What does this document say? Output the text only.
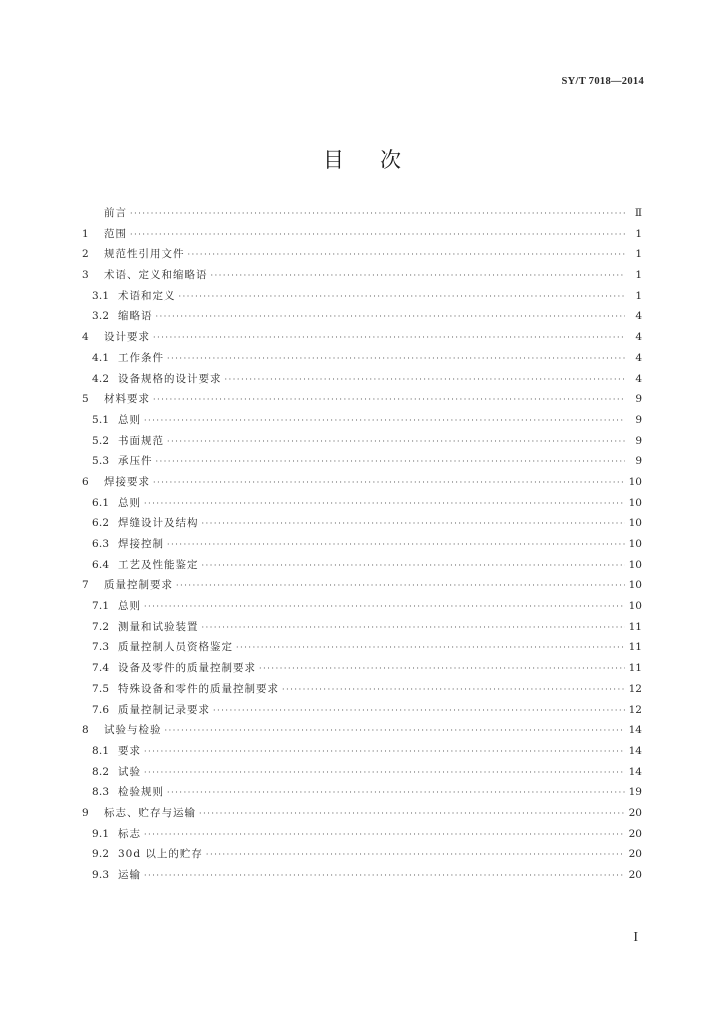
SY/T 7018—2014
目 次
前言 ·····	Ⅱ
1	范围 ·····	1
2	规范性引用文件 ·····	1
3	术语、定义和缩略语 ·····	1
3.1 术语和定义 ·····	1
3.2 缩略语 ·····	4
4	设计要求 ·····	4
4.1 工作条件 ·····	4
4.2 设备规格的设计要求 ·····	4
5	材料要求 ·····	9
5.1 总则 ·····	9
5.2 书面规范 ·····	9
5.3 承压件 ·····	9
6	焊接要求 ·····	10
6.1 总则 ·····	10
6.2 焊缝设计及结构 ·····	10
6.3 焊接控制 ·····	10
6.4 工艺及性能鉴定 ·····	10
7	质量控制要求 ·····	10
7.1 总则 ·····	10
7.2 测量和试验装置 ·····	11
7.3 质量控制人员资格鉴定 ·····	11
7.4 设备及零件的质量控制要求 ·····	11
7.5 特殊设备和零件的质量控制要求 ·····	12
7.6 质量控制记录要求 ·····	12
8	试验与检验 ·····	14
8.1 要求 ·····	14
8.2 试验 ·····	14
8.3 检验规则 ·····	19
9	标志、贮存与运输 ·····	20
9.1 标志 ·····	20
9.2 30d 以上的贮存 ·····	20
9.3 运输 ·····	20
I
